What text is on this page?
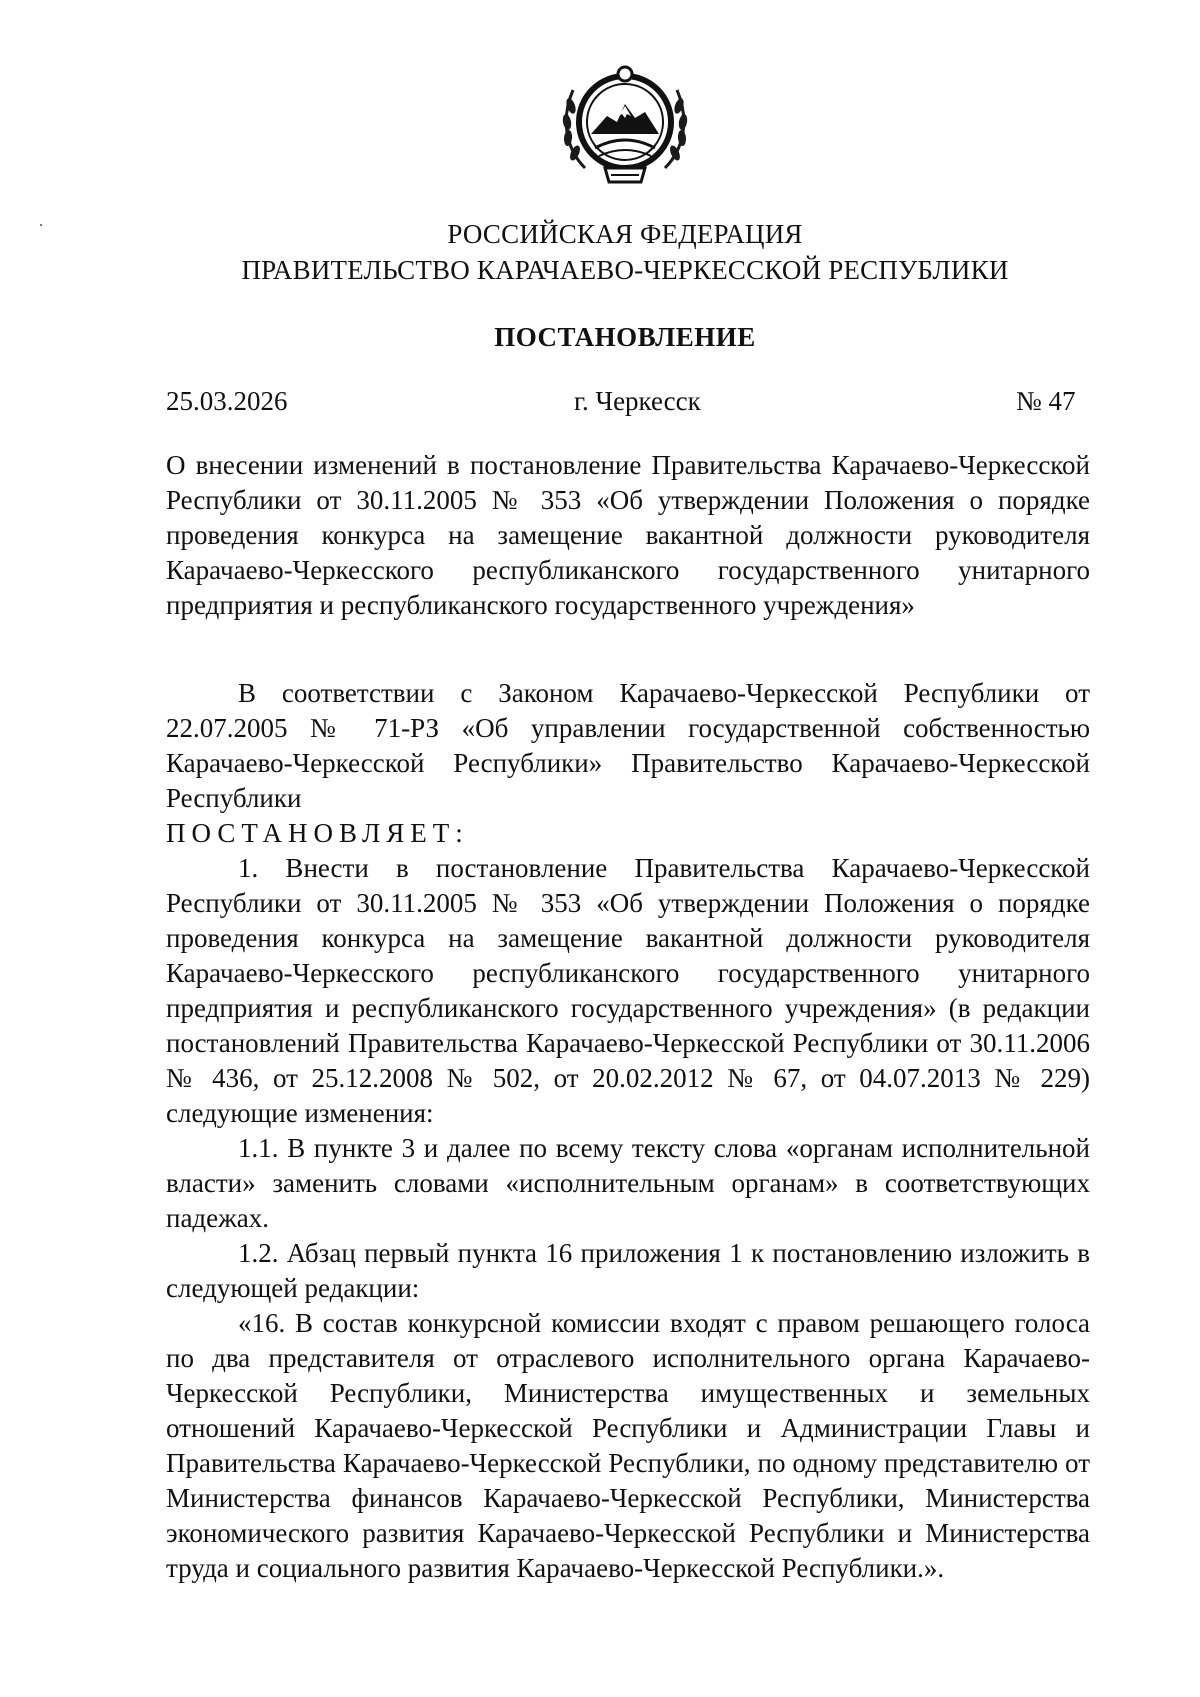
РОССИЙСКАЯ ФЕДЕРАЦИЯ
ПРАВИТЕЛЬСТВО КАРАЧАЕВО-ЧЕРКЕССКОЙ РЕСПУБЛИКИ
ПОСТАНОВЛЕНИЕ
25.03.2026	г. Черкесск	№ 47
О внесении изменений в постановление Правительства Карачаево-Черкесской Республики от 30.11.2005 № 353 «Об утверждении Положения о порядке проведения конкурса на замещение вакантной должности руководителя Карачаево-Черкесского республиканского государственного унитарного предприятия и республиканского государственного учреждения»

В соответствии с Законом Карачаево-Черкесской Республики от 22.07.2005 № 71-РЗ «Об управлении государственной собственностью Карачаево-Черкесской Республики» Правительство Карачаево-Черкесской Республики

ПОСТАНОВЛЯЕТ:

1. Внести в постановление Правительства Карачаево-Черкесской Республики от 30.11.2005 № 353 «Об утверждении Положения о порядке проведения конкурса на замещение вакантной должности руководителя Карачаево-Черкесского республиканского государственного унитарного предприятия и республиканского государственного учреждения» (в редакции постановлений Правительства Карачаево-Черкесской Республики от 30.11.2006 № 436, от 25.12.2008 № 502, от 20.02.2012 № 67, от 04.07.2013 № 229) следующие изменения:

1.1. В пункте 3 и далее по всему тексту слова «органам исполнительной власти» заменить словами «исполнительным органам» в соответствующих падежах.

1.2. Абзац первый пункта 16 приложения 1 к постановлению изложить в следующей редакции:

«16. В состав конкурсной комиссии входят с правом решающего голоса по два представителя от отраслевого исполнительного органа Карачаево-Черкесской Республики, Министерства имущественных и земельных отношений Карачаево-Черкесской Республики и Администрации Главы и Правительства Карачаево-Черкесской Республики, по одному представителю от Министерства финансов Карачаево-Черкесской Республики, Министерства экономического развития Карачаево-Черкесской Республики и Министерства труда и социального развития Карачаево-Черкесской Республики.».
